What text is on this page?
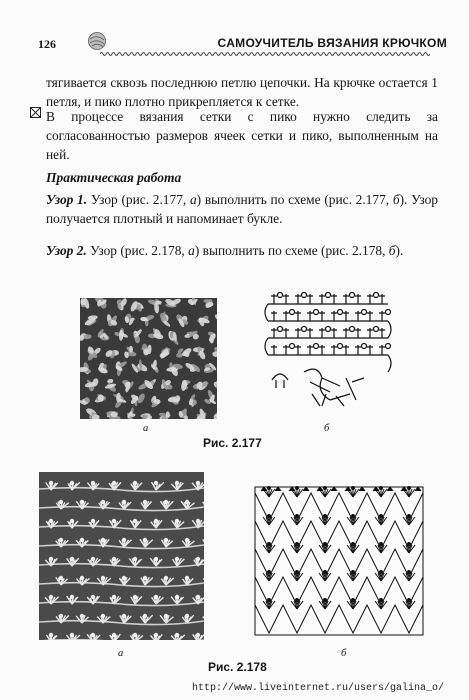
126	САМОУЧИТЕЛЬ ВЯЗАНИЯ КРЮЧКОМ
тягивается сквозь последнюю петлю цепочки. На крючке остается 1 петля, и пико плотно прикрепляется к сетке.
В процессе вязания сетки с пико нужно следить за согласованностью размеров ячеек сетки и пико, выполненным на ней.
Практическая работа
Узор 1. Узор (рис. 2.177, а) выполнить по схеме (рис. 2.177, б). Узор получается плотный и напоминает букле.
Узор 2. Узор (рис. 2.178, а) выполнить по схеме (рис. 2.178, б).
а	б
Рис. 2.177
а	б
Рис. 2.178
http://www.liveinternet.ru/users/galina_o/
